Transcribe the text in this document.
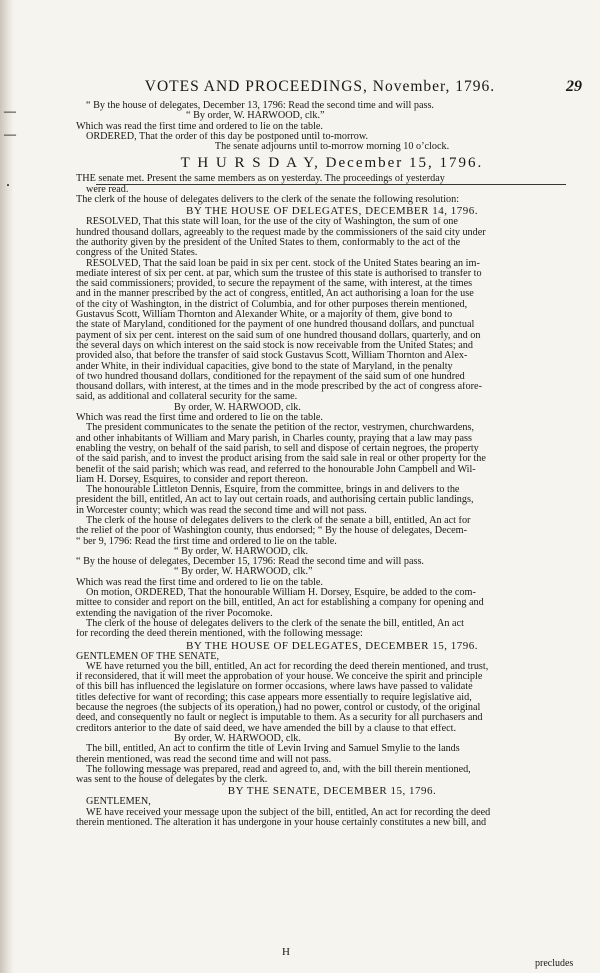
—
—
·
VOTES AND PROCEEDINGS, November, 1796.	29

“ By the house of delegates, December 13, 1796: Read the second time and will pass.
“ By order, W. HARWOOD, clk.”
Which was read the first time and ordered to lie on the table.
ORDERED, That the order of this day be postponed until to-morrow.
The senate adjourns until to-morrow morning 10 o’clock.
T H U R S D A Y, December 15, 1796.
THE senate met. Present the same members as on yesterday. The proceedings of yesterday
were read.
The clerk of the house of delegates delivers to the clerk of the senate the following resolution:
BY THE HOUSE OF DELEGATES, DECEMBER 14, 1796.
RESOLVED, That this state will loan, for the use of the city of Washington, the sum of one
hundred thousand dollars, agreeably to the request made by the commissioners of the said city under
the authority given by the president of the United States to them, conformably to the act of the
congress of the United States.
RESOLVED, That the said loan be paid in six per cent. stock of the United States bearing an im-
mediate interest of six per cent. at par, which sum the trustee of this state is authorised to transfer to
the said commissioners; provided, to secure the repayment of the same, with interest, at the times
and in the manner prescribed by the act of congress, entitled, An act authorising a loan for the use
of the city of Washington, in the district of Columbia, and for other purposes therein mentioned,
Gustavus Scott, William Thornton and Alexander White, or a majority of them, give bond to
the state of Maryland, conditioned for the payment of one hundred thousand dollars, and punctual
payment of six per cent. interest on the said sum of one hundred thousand dollars, quarterly, and on
the several days on which interest on the said stock is now receivable from the United States; and
provided also, that before the transfer of said stock Gustavus Scott, William Thornton and Alex-
ander White, in their individual capacities, give bond to the state of Maryland, in the penalty
of two hundred thousand dollars, conditioned for the repayment of the said sum of one hundred
thousand dollars, with interest, at the times and in the mode prescribed by the act of congress afore-
said, as additional and collateral security for the same.
By order, W. HARWOOD, clk.
Which was read the first time and ordered to lie on the table.
The president communicates to the senate the petition of the rector, vestrymen, churchwardens,
and other inhabitants of William and Mary parish, in Charles county, praying that a law may pass
enabling the vestry, on behalf of the said parish, to sell and dispose of certain negroes, the property
of the said parish, and to invest the product arising from the said sale in real or other property for the
benefit of the said parish; which was read, and referred to the honourable John Campbell and Wil-
liam H. Dorsey, Esquires, to consider and report thereon.
The honourable Littleton Dennis, Esquire, from the committee, brings in and delivers to the
president the bill, entitled, An act to lay out certain roads, and authorising certain public landings,
in Worcester county; which was read the second time and will not pass.
The clerk of the house of delegates delivers to the clerk of the senate a bill, entitled, An act for
the relief of the poor of Washington county, thus endorsed; “ By the house of delegates, Decem-
“ ber 9, 1796: Read the first time and ordered to lie on the table.
“ By order, W. HARWOOD, clk.
“ By the house of delegates, December 15, 1796: Read the second time and will pass.
“ By order, W. HARWOOD, clk.”
Which was read the first time and ordered to lie on the table.
On motion, ORDERED, That the honourable William H. Dorsey, Esquire, be added to the com-
mittee to consider and report on the bill, entitled, An act for establishing a company for opening and
extending the navigation of the river Pocomoke.
The clerk of the house of delegates delivers to the clerk of the senate the bill, entitled, An act
for recording the deed therein mentioned, with the following message:
BY THE HOUSE OF DELEGATES, DECEMBER 15, 1796.
GENTLEMEN OF THE SENATE,
WE have returned you the bill, entitled, An act for recording the deed therein mentioned, and trust,
if reconsidered, that it will meet the approbation of your house. We conceive the spirit and principle
of this bill has influenced the legislature on former occasions, where laws have passed to validate
titles defective for want of recording; this case appears more essentially to require legislative aid,
because the negroes (the subjects of its operation,) had no power, control or custody, of the original
deed, and consequently no fault or neglect is imputable to them. As a security for all purchasers and
creditors anterior to the date of said deed, we have amended the bill by a clause to that effect.
By order, W. HARWOOD, clk.
The bill, entitled, An act to confirm the title of Levin Irving and Samuel Smylie to the lands
therein mentioned, was read the second time and will not pass.
The following message was prepared, read and agreed to, and, with the bill therein mentioned,
was sent to the house of delegates by the clerk.
BY THE SENATE, DECEMBER 15, 1796.
GENTLEMEN,
WE have received your message upon the subject of the bill, entitled, An act for recording the deed
therein mentioned. The alteration it has undergone in your house certainly constitutes a new bill, and

H

precludes
